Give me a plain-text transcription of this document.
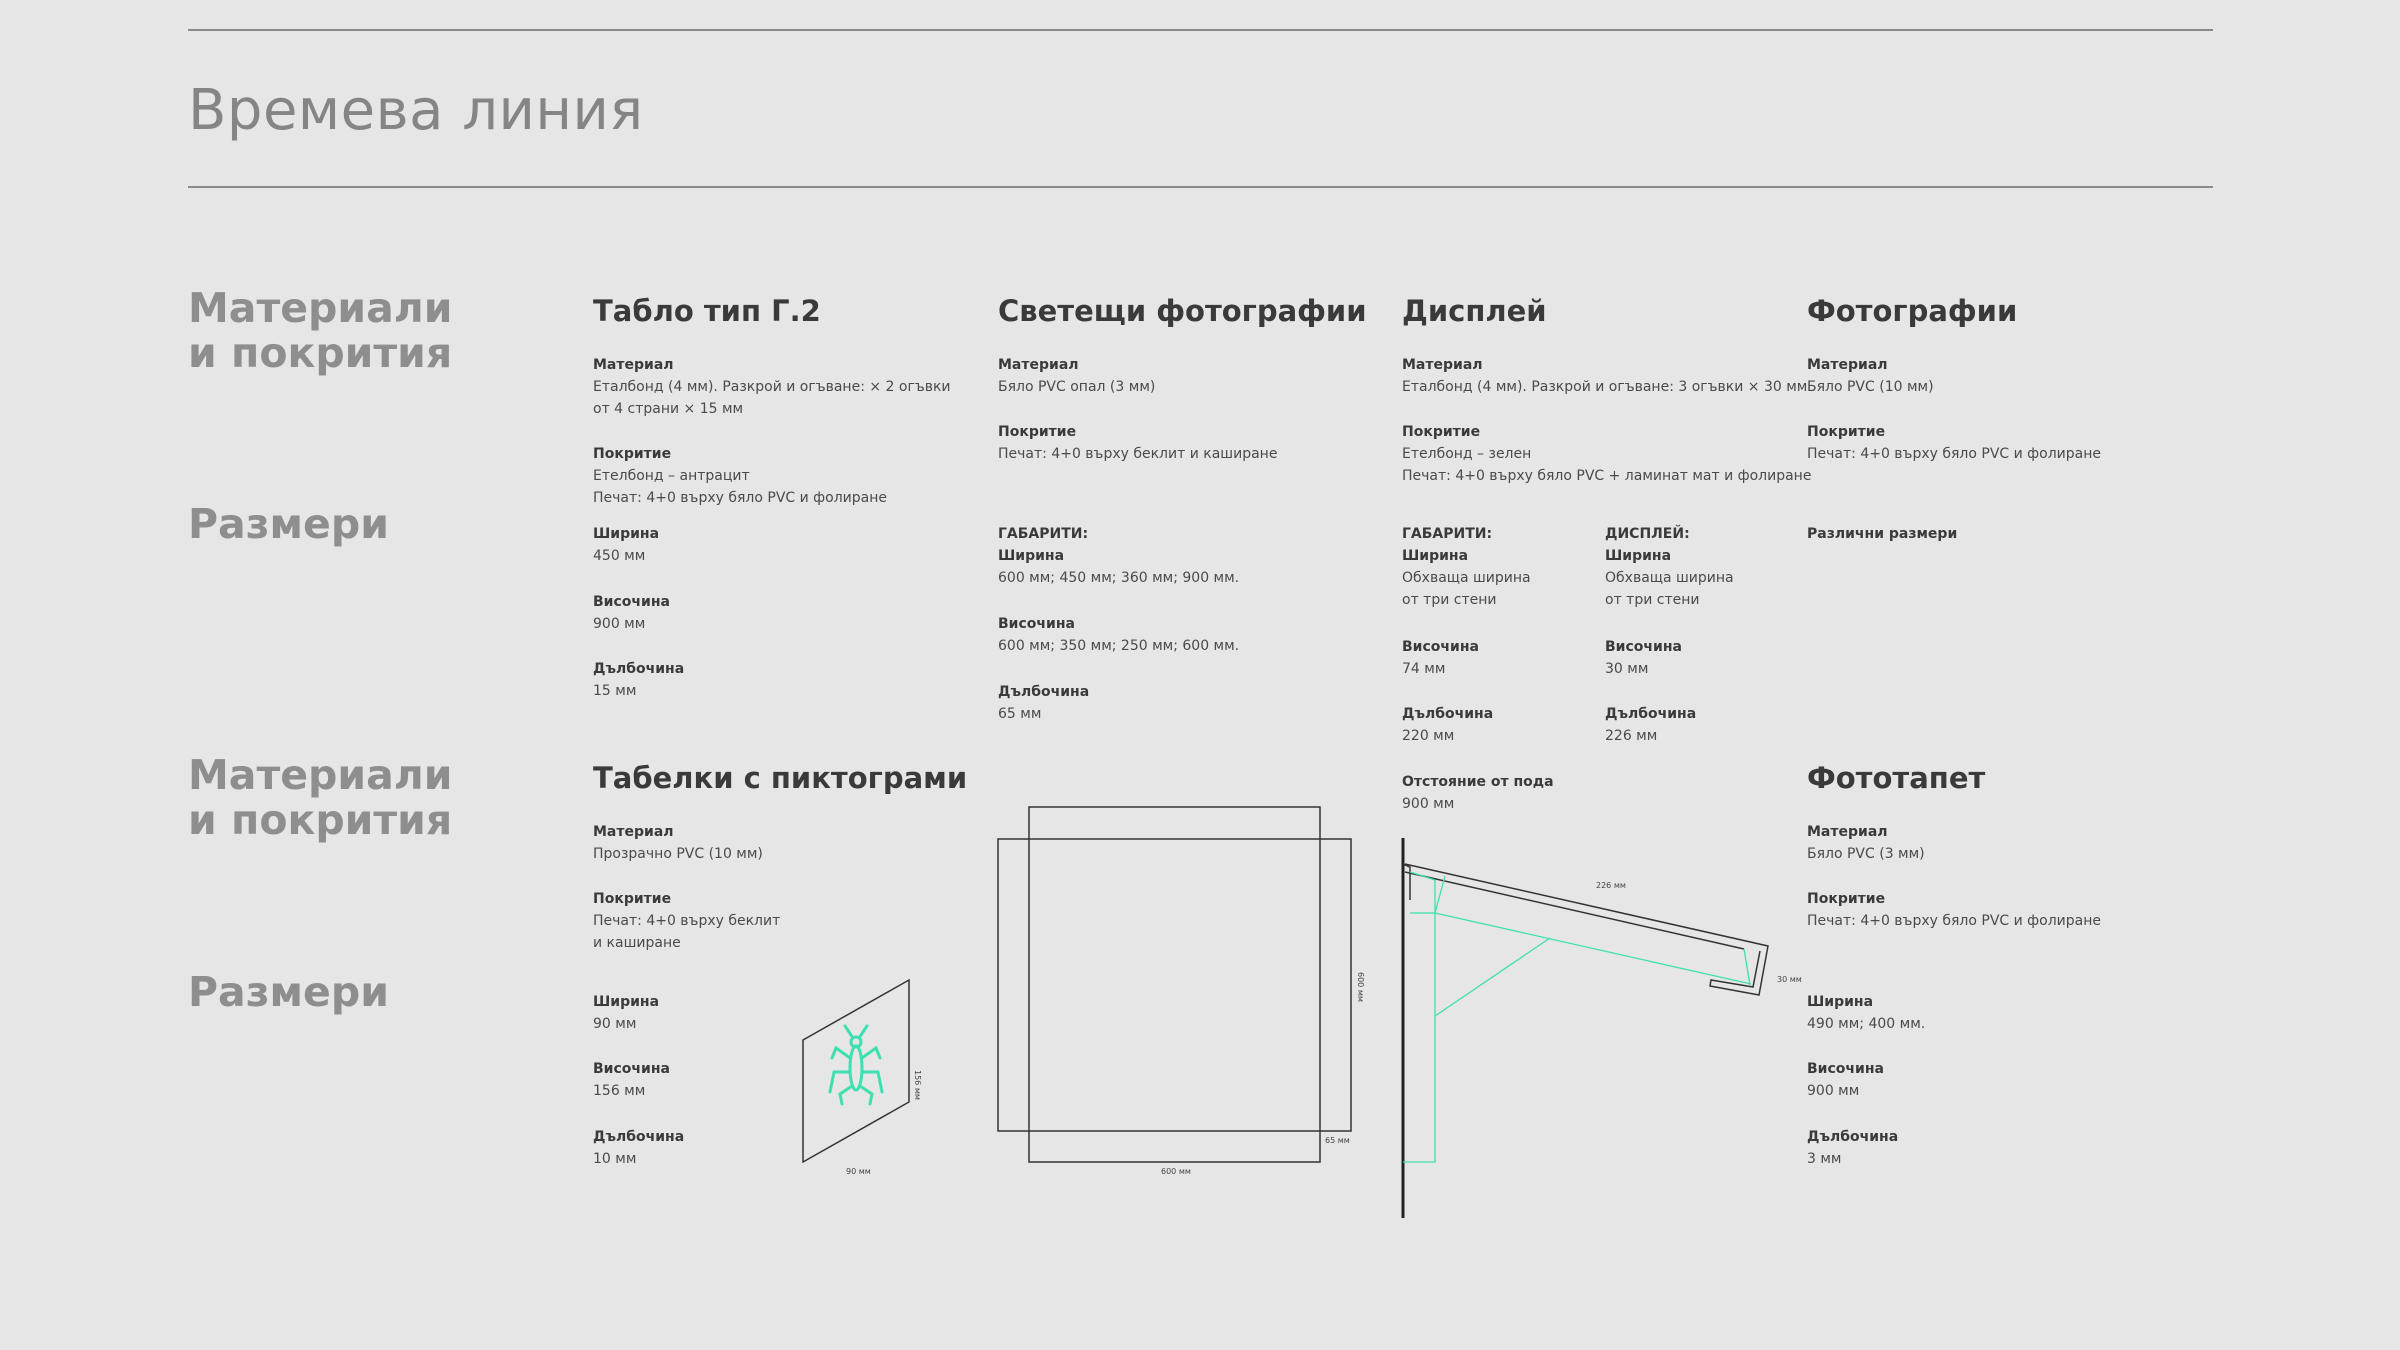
Времева линия
Материали
и покрития
Размери
Материали
и покрития
Размери
Табло тип Г.2
Материал
Еталбонд (4 мм). Разкрой и огъване: × 2 огъвки
от 4 страни × 15 мм
Покритие
Етелбонд – антрацит
Печат: 4+0 върху бяло PVC и фолиране
Ширина
450 мм
Височина
900 мм
Дълбочина
15 мм
Светещи фотографии
Материал
Бяло PVC опал (3 мм)
Покритие
Печат: 4+0 върху беклит и каширане
ГАБАРИТИ:
Ширина
600 мм; 450 мм; 360 мм; 900 мм.
Височина
600 мм; 350 мм; 250 мм; 600 мм.
Дълбочина
65 мм
Дисплей
Материал
Еталбонд (4 мм). Разкрой и огъване: 3 огъвки × 30 мм
Покритие
Етелбонд – зелен
Печат: 4+0 върху бяло PVC + ламинат мат и фолиране
ГАБАРИТИ:
Ширина
Обхваща ширина
от три стени
Височина
74 мм
Дълбочина
220 мм
ДИСПЛЕЙ:
Ширина
Обхваща ширина
от три стени
Височина
30 мм
Дълбочина
226 мм
Отстояние от пода
900 мм
Фотографии
Материал
Бяло PVC (10 мм)
Покритие
Печат: 4+0 върху бяло PVC и фолиране
Различни размери
Табелки с пиктограми
Материал
Прозрачно PVC (10 мм)
Покритие
Печат: 4+0 върху беклит
и каширане
Ширина
90 мм
Височина
156 мм
Дълбочина
10 мм
Фототапет
Материал
Бяло PVC (3 мм)
Покритие
Печат: 4+0 върху бяло PVC и фолиране
Ширина
490 мм; 400 мм.
Височина
900 мм
Дълбочина
3 мм
90 мм
156 мм
600 мм
600 мм
65 мм
226 мм
30 мм
